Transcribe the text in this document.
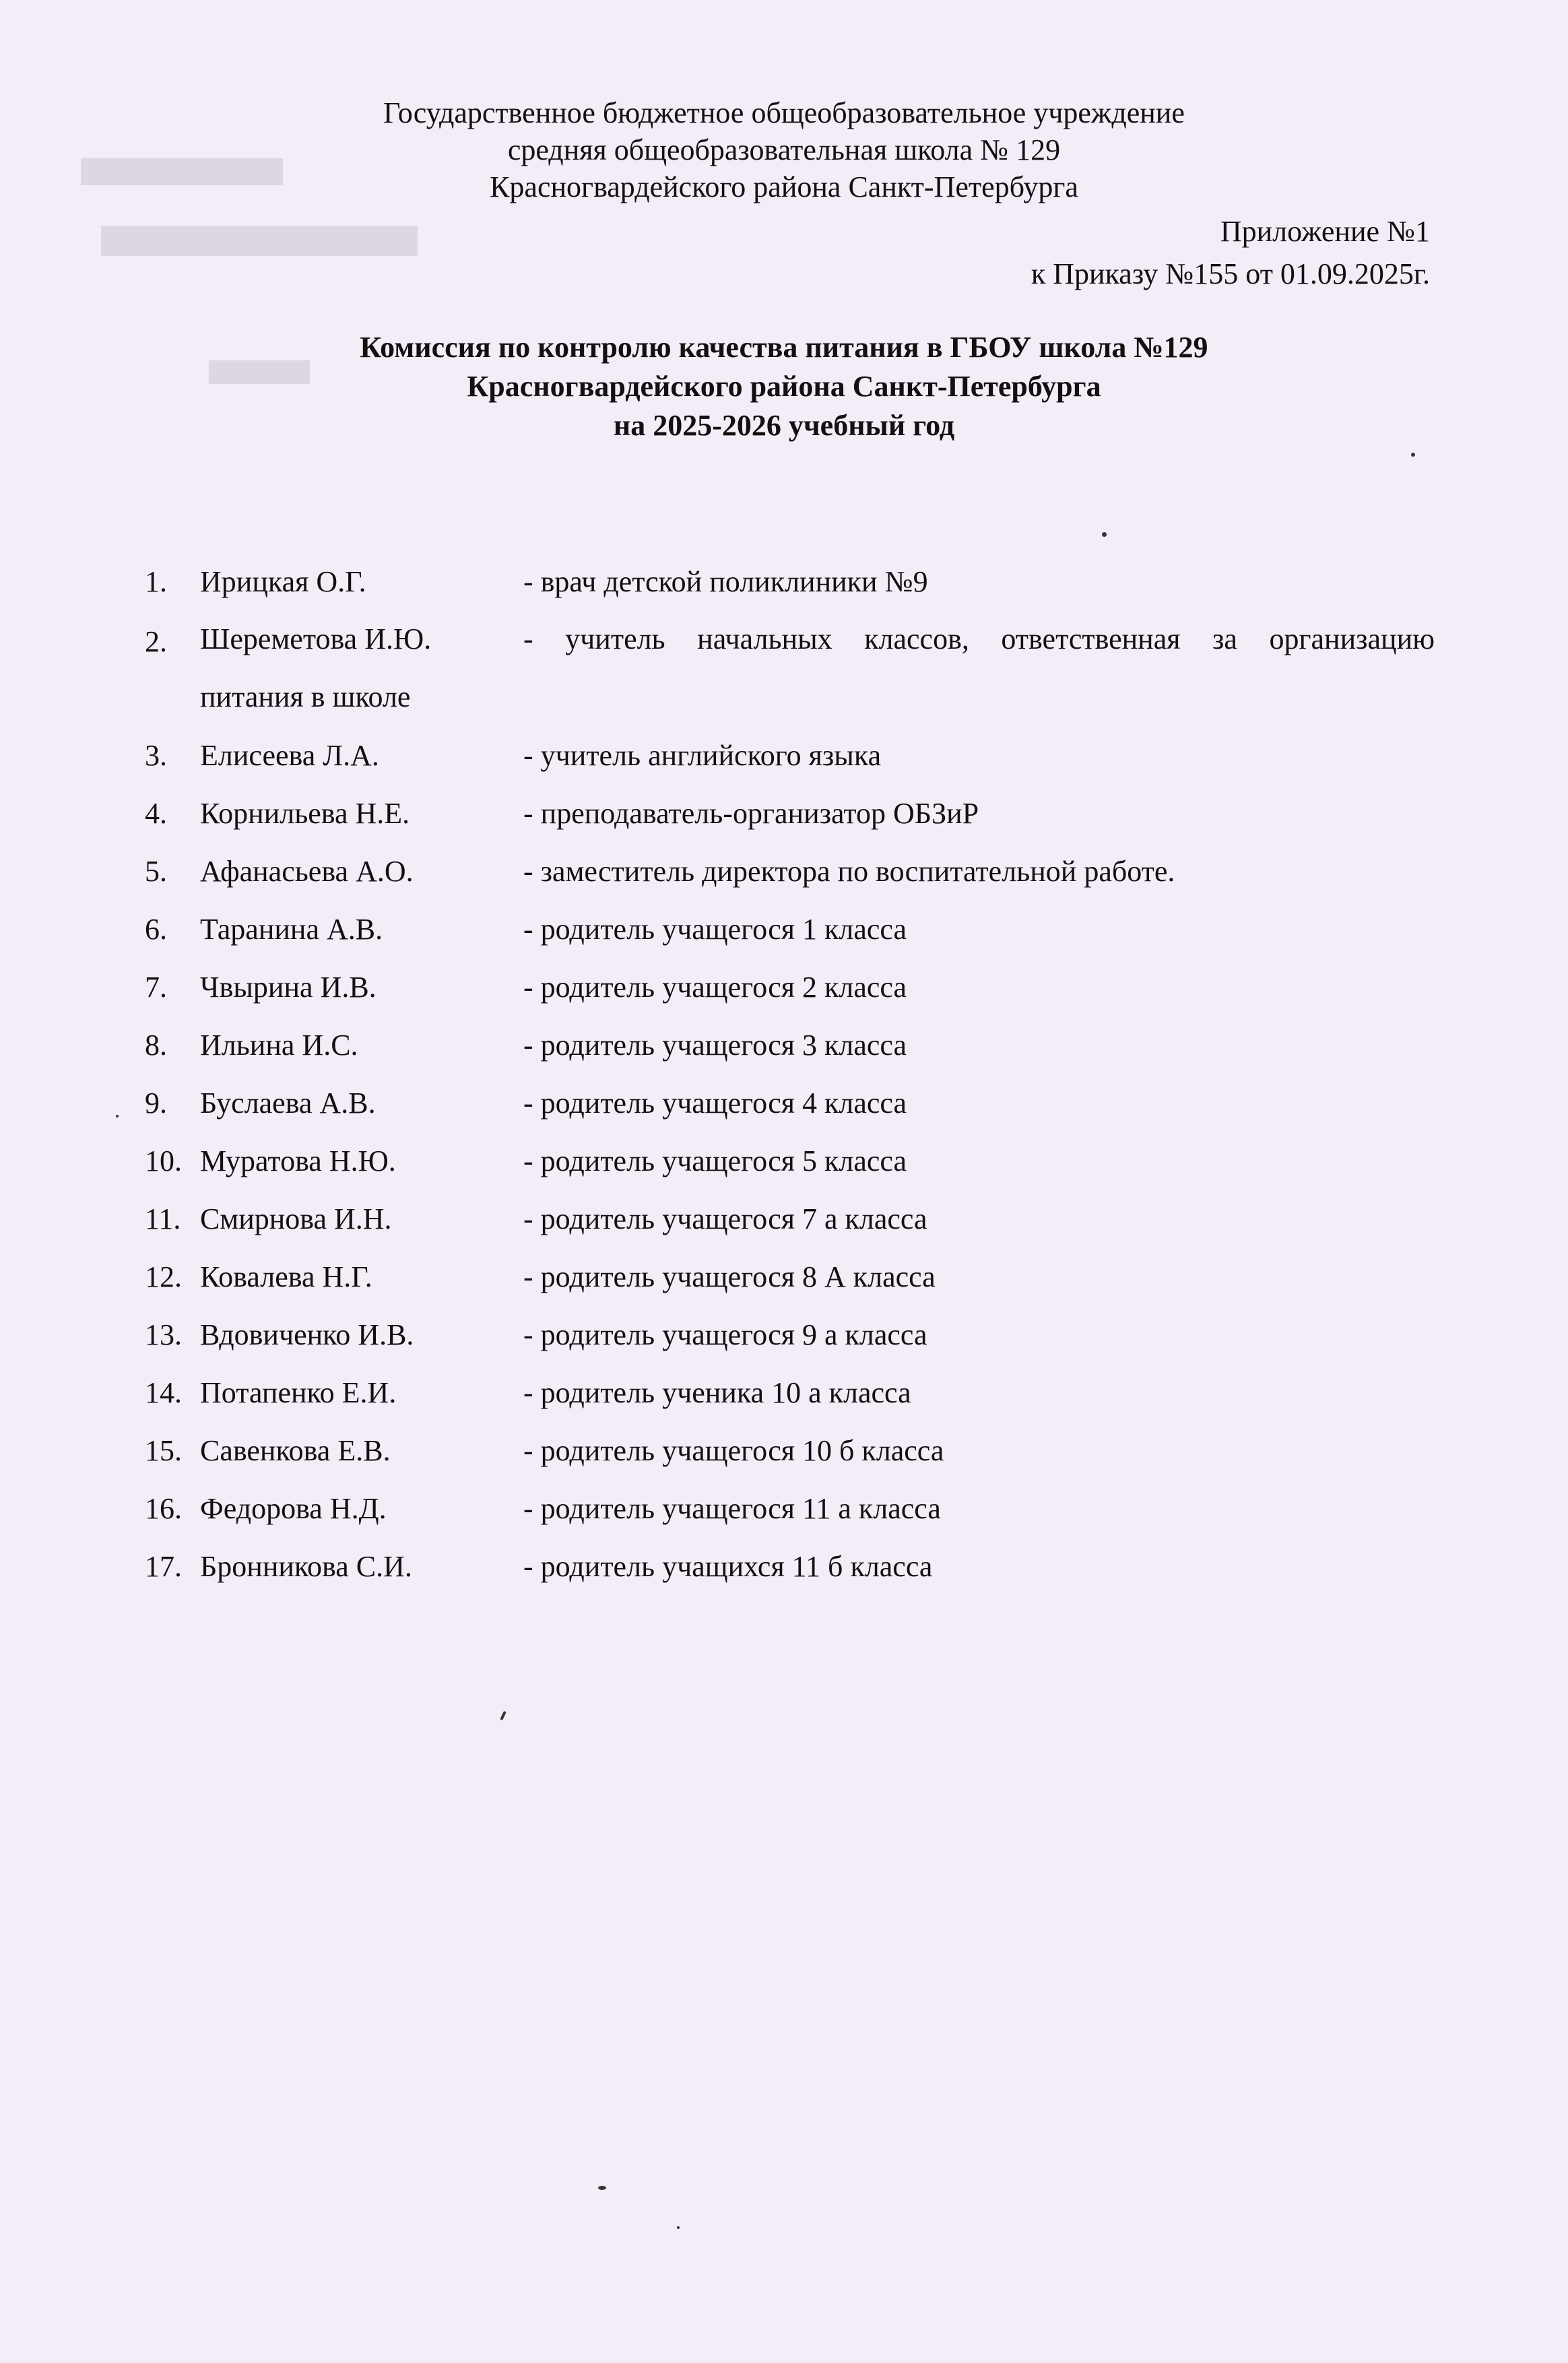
Государственное бюджетное общеобразовательное учреждение
средняя общеобразовательная школа № 129
Красногвардейского района Санкт-Петербурга
Приложение №1
к Приказу №155 от 01.09.2025г.
Комиссия по контролю качества питания в ГБОУ школа №129
Красногвардейского района Санкт-Петербурга
на 2025-2026 учебный год
1.	Ирицкая О.Г.	- врач детской поликлиники №9
2.	Шереметова И.Ю.	- учитель начальных классов, ответственная за организацию
питания в школе
3.	Елисеева Л.А.	- учитель английского языка
4.	Корнильева Н.Е.	- преподаватель-организатор ОБЗиР
5.	Афанасьева А.О.	- заместитель директора по воспитательной работе.
6.	Таранина А.В.	- родитель учащегося 1 класса
7.	Чвырина И.В.	- родитель учащегося 2 класса
8.	Ильина И.С.	- родитель учащегося 3 класса
9.	Буслаева А.В.	- родитель учащегося 4 класса
10. Муратова Н.Ю.	- родитель учащегося 5 класса
11. Смирнова И.Н.	- родитель учащегося 7 а класса
12. Ковалева Н.Г.	- родитель учащегося 8 А класса
13. Вдовиченко И.В.	- родитель учащегося 9 а класса
14. Потапенко Е.И.	- родитель ученика 10 а класса
15. Савенкова Е.В.	- родитель учащегося 10 б класса
16. Федорова Н.Д.	- родитель учащегося 11 а класса
17. Бронникова С.И.	- родитель учащихся 11 б класса
